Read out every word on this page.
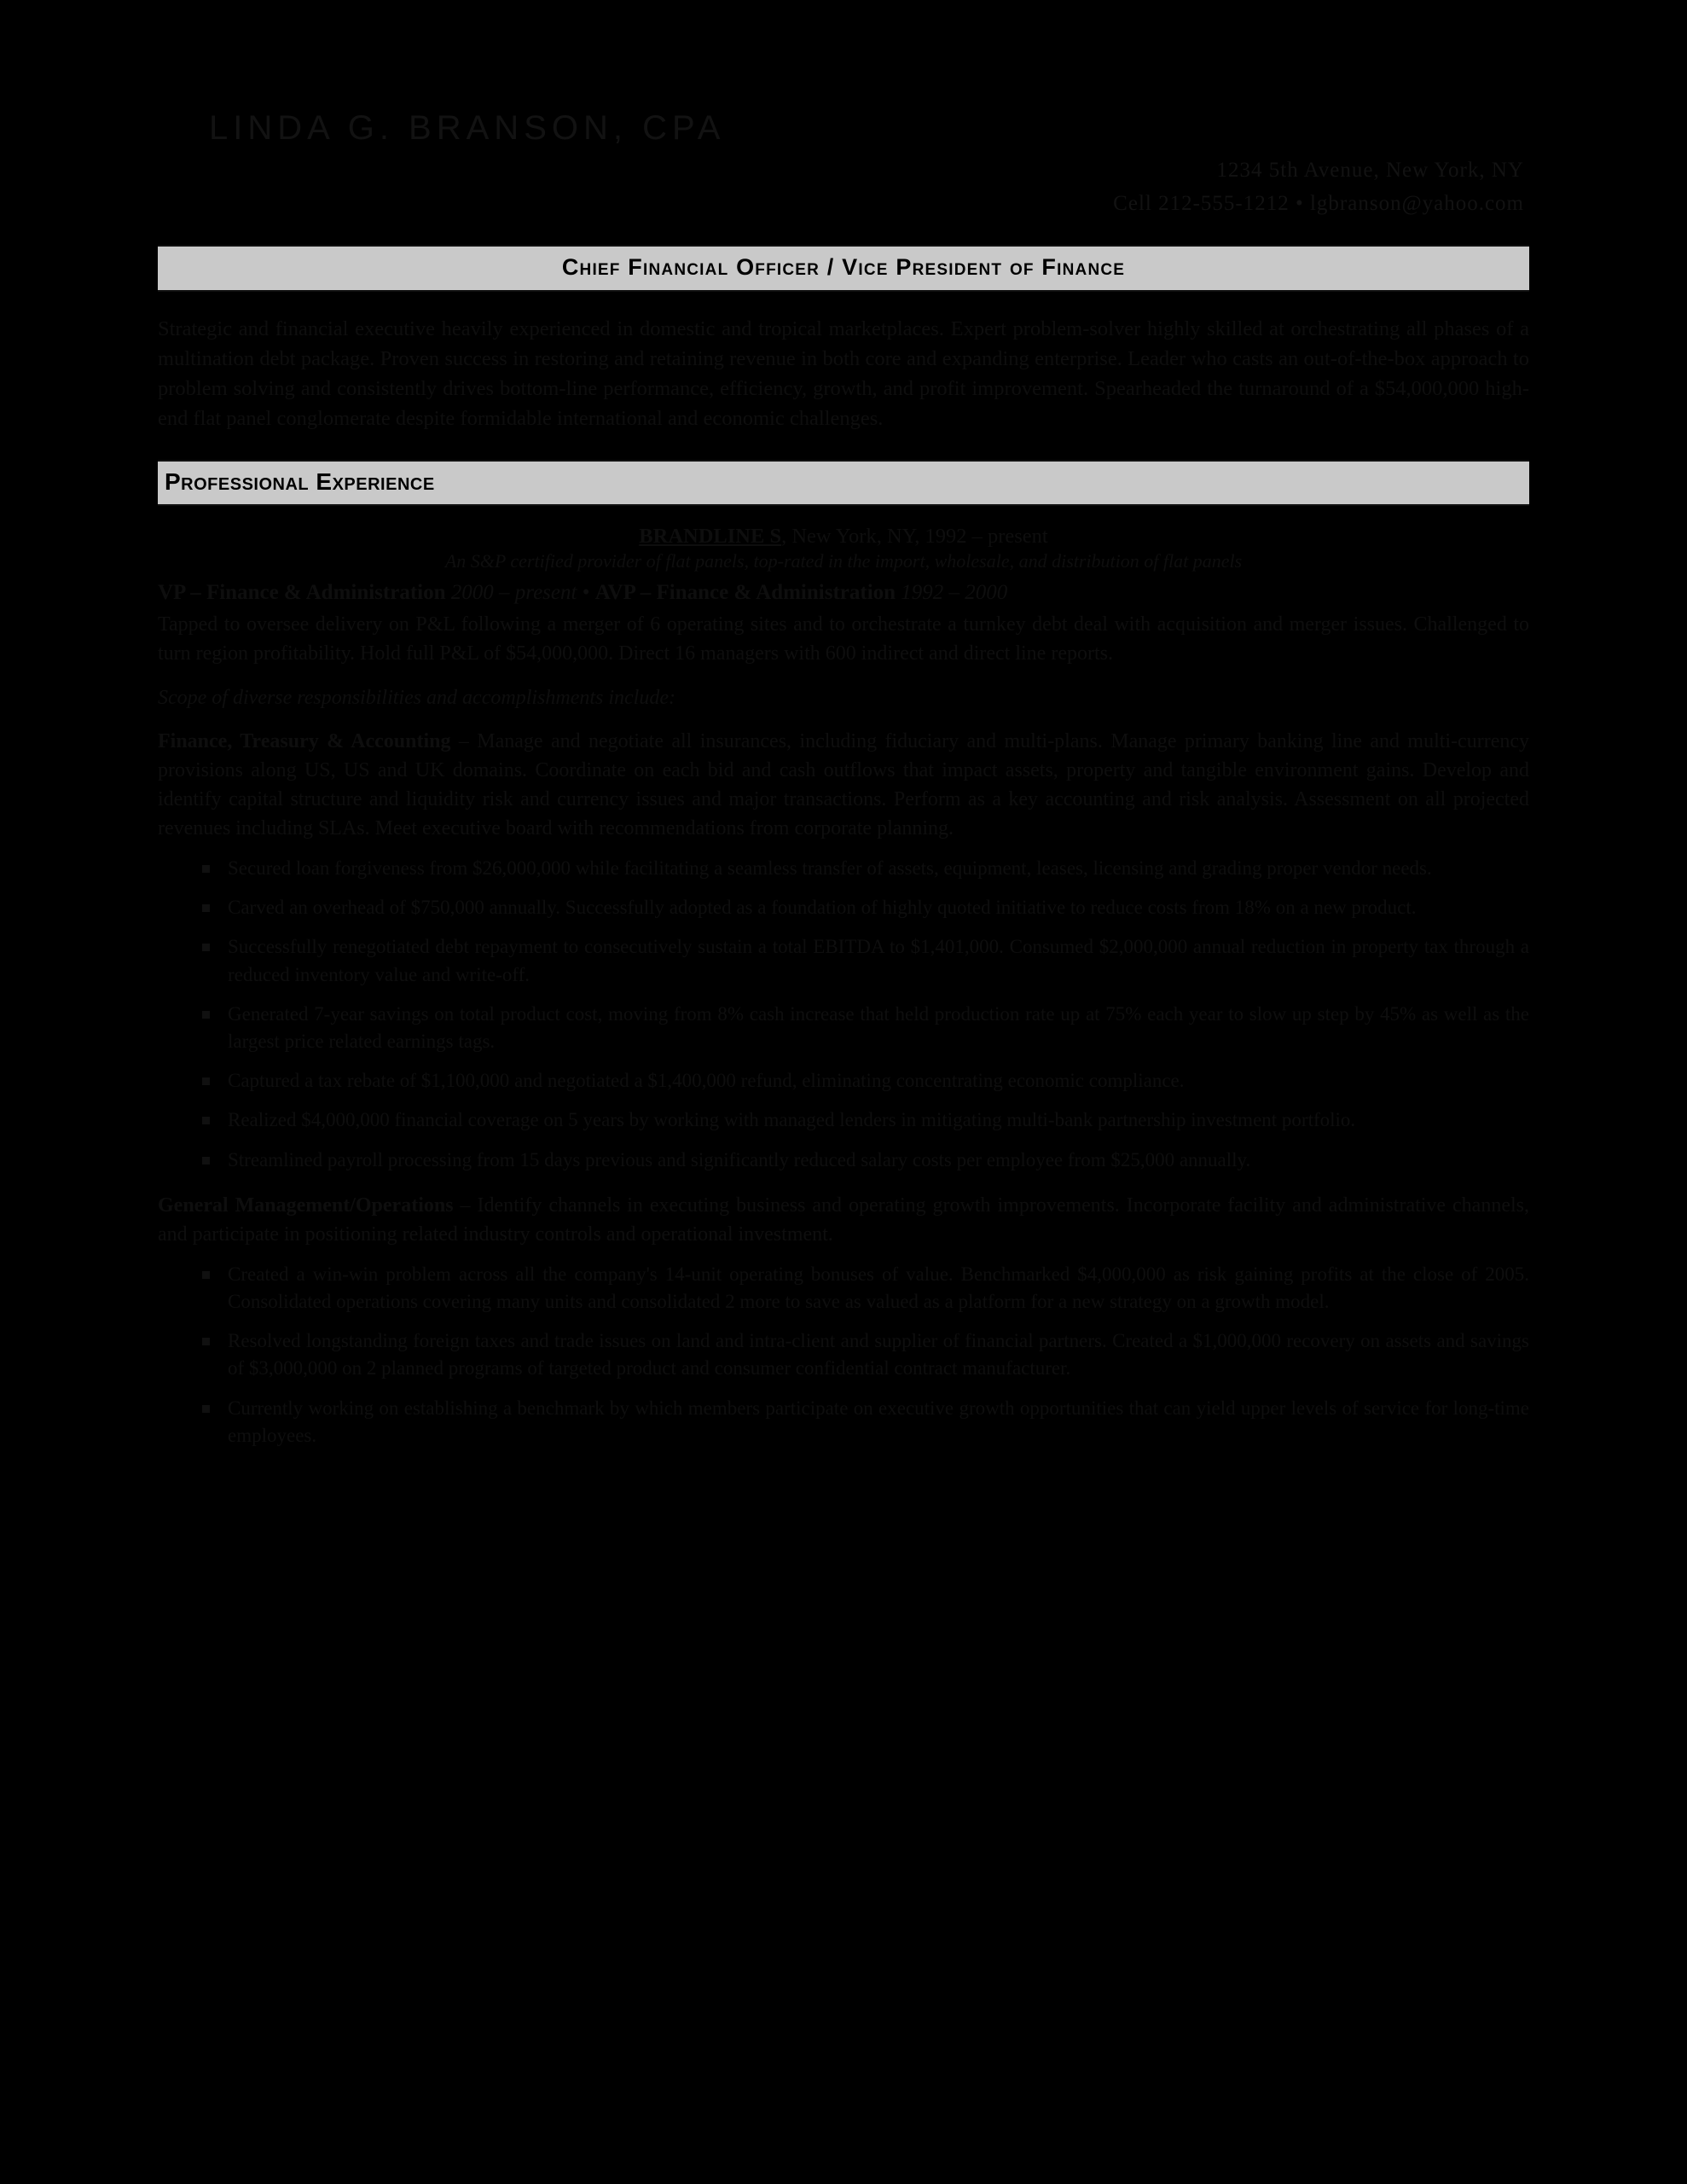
LINDA G. BRANSON, CPA
1234 5th Avenue, New York, NY
Cell 212-555-1212 • lgbranson@yahoo.com
Chief Financial Officer / Vice President of Finance
Strategic and financial executive heavily experienced in domestic and tropical marketplaces. Expert problem-solver highly skilled at orchestrating all phases of a multination debt package. Proven success in restoring and retaining revenue in both core and expanding enterprise. Leader who casts an out-of-the-box approach to problem solving and consistently drives bottom-line performance, efficiency, growth, and profit improvement. Spearheaded the turnaround of a $54,000,000 high-end flat panel conglomerate despite formidable international and economic challenges.
Professional Experience
BRANDLINE S, New York, NY, 1992 – present
An S&P certified provider of flat panels, top-rated in the import, wholesale, and distribution of flat panels
VP – Finance & Administration 2000 – present • AVP – Finance & Administration 1992 – 2000
Tapped to oversee delivery on P&L following a merger of 6 operating sites and to orchestrate a turnkey debt deal with acquisition and merger issues. Challenged to turn region profitability. Hold full P&L of $54,000,000. Direct 16 managers with 600 indirect and direct line reports.
Scope of diverse responsibilities and accomplishments include:
Finance, Treasury & Accounting – Manage and negotiate all insurances, including fiduciary and multi-plans. Manage primary banking line and multi-currency provisions along US, US and UK domains. Coordinate on each bid and cash outflows that impact assets, property and tangible environment gains. Develop and identify capital structure and liquidity risk and currency issues and major transactions. Perform as a key accounting and risk analysis. Assessment on all projected revenues including SLAs. Meet executive board with recommendations from corporate planning.
Secured loan forgiveness from $26,000,000 while facilitating a seamless transfer of assets, equipment, leases, licensing and grading proper vendor needs.
Carved an overhead of $750,000 annually. Successfully adopted as a foundation of highly quoted initiative to reduce costs from 18% on a new product.
Successfully renegotiated debt repayment to consecutively sustain a total EBITDA to $1,401,000. Consumed $2,000,000 annual reduction in property tax through a reduced inventory value and write-off.
Generated 7-year savings on total product cost, moving from 8% cash increase that held production rate up at 75% each year to slow up step by 45% as well as the largest price related earnings tags.
Captured a tax rebate of $1,100,000 and negotiated a $1,400,000 refund, eliminating concentrating economic compliance.
Realized $4,000,000 financial coverage on 5 years by working with managed lenders in mitigating multi-bank partnership investment portfolio.
Streamlined payroll processing from 15 days previous and significantly reduced salary costs per employee from $25,000 annually.
General Management/Operations – Identify channels in executing business and operating growth improvements. Incorporate facility and administrative channels, and participate in positioning related industry controls and operational investment.
Created a win-win problem across all the company's 14-unit operating bonuses of value. Benchmarked $4,000,000 as risk gaining profits at the close of 2005. Consolidated operations covering many units and consolidated 2 more to save as valued as a platform for a new strategy on a growth model.
Resolved longstanding foreign taxes and trade issues on land and intra-client and supplier of financial partners. Created a $1,000,000 recovery on assets and savings of $3,000,000 on 2 planned programs of targeted product and consumer confidential contract manufacturer.
Currently working on establishing a benchmark by which members participate on executive growth opportunities that can yield upper levels of service for long-time employees.
